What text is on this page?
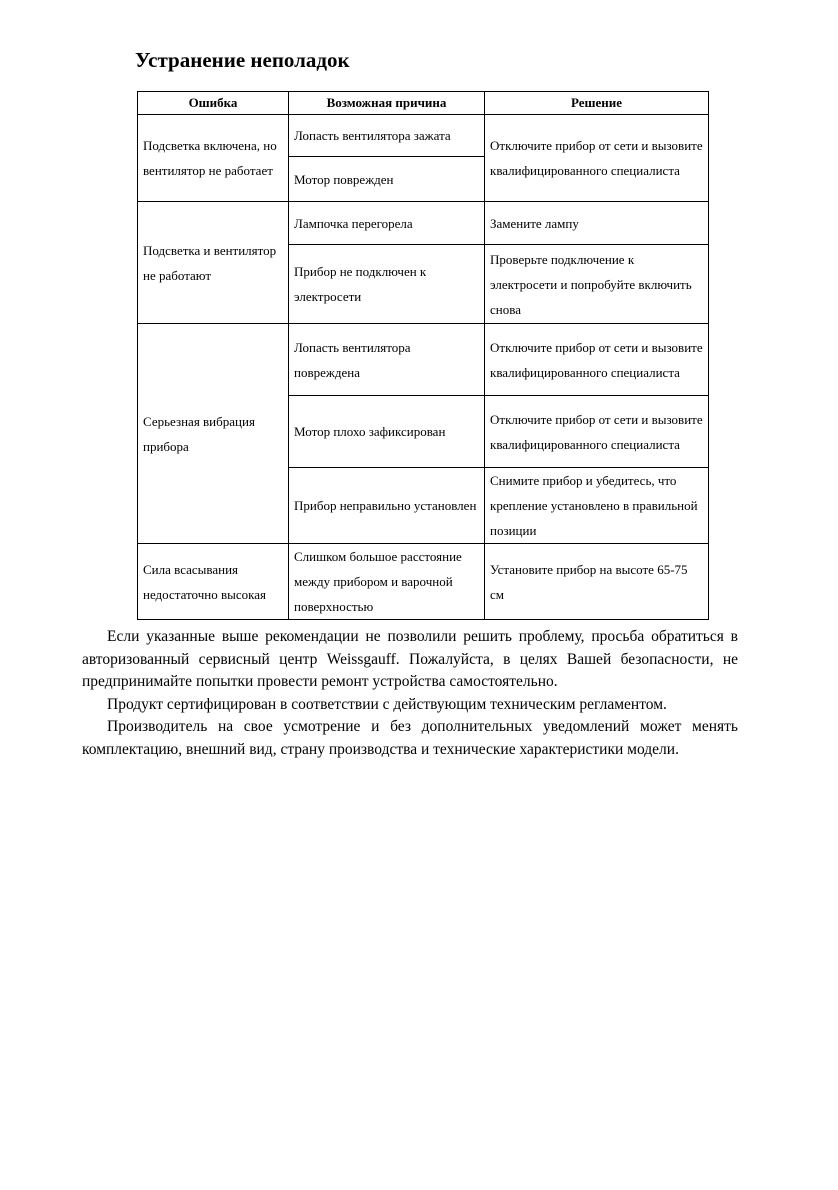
Устранение неполадок
Ошибка	Возможная причина	Решение
Подсветка включена, но вентилятор не работает	Лопасть вентилятора зажата	Отключите прибор от сети и вызовите квалифицированного специалиста
	Мотор поврежден	
Подсветка и вентилятор не работают	Лампочка перегорела	Замените лампу
	Прибор не подключен к электросети	Проверьте подключение к электросети и попробуйте включить снова
Серьезная вибрация прибора	Лопасть вентилятора повреждена	Отключите прибор от сети и вызовите квалифицированного специалиста
	Мотор плохо зафиксирован	Отключите прибор от сети и вызовите квалифицированного специалиста
	Прибор неправильно установлен	Снимите прибор и убедитесь, что крепление установлено в правильной позиции
Сила всасывания недостаточно высокая	Слишком большое расстояние между прибором и варочной поверхностью	Установите прибор на высоте 65-75 см

Если указанные выше рекомендации не позволили решить проблему, просьба обратиться в авторизованный сервисный центр Weissgauff. Пожалуйста, в целях Вашей безопасности, не предпринимайте попытки провести ремонт устройства самостоятельно.

Продукт сертифицирован в соответствии с действующим техническим регламентом.

Производитель на свое усмотрение и без дополнительных уведомлений может менять комплектацию, внешний вид, страну производства и технические характеристики модели.
